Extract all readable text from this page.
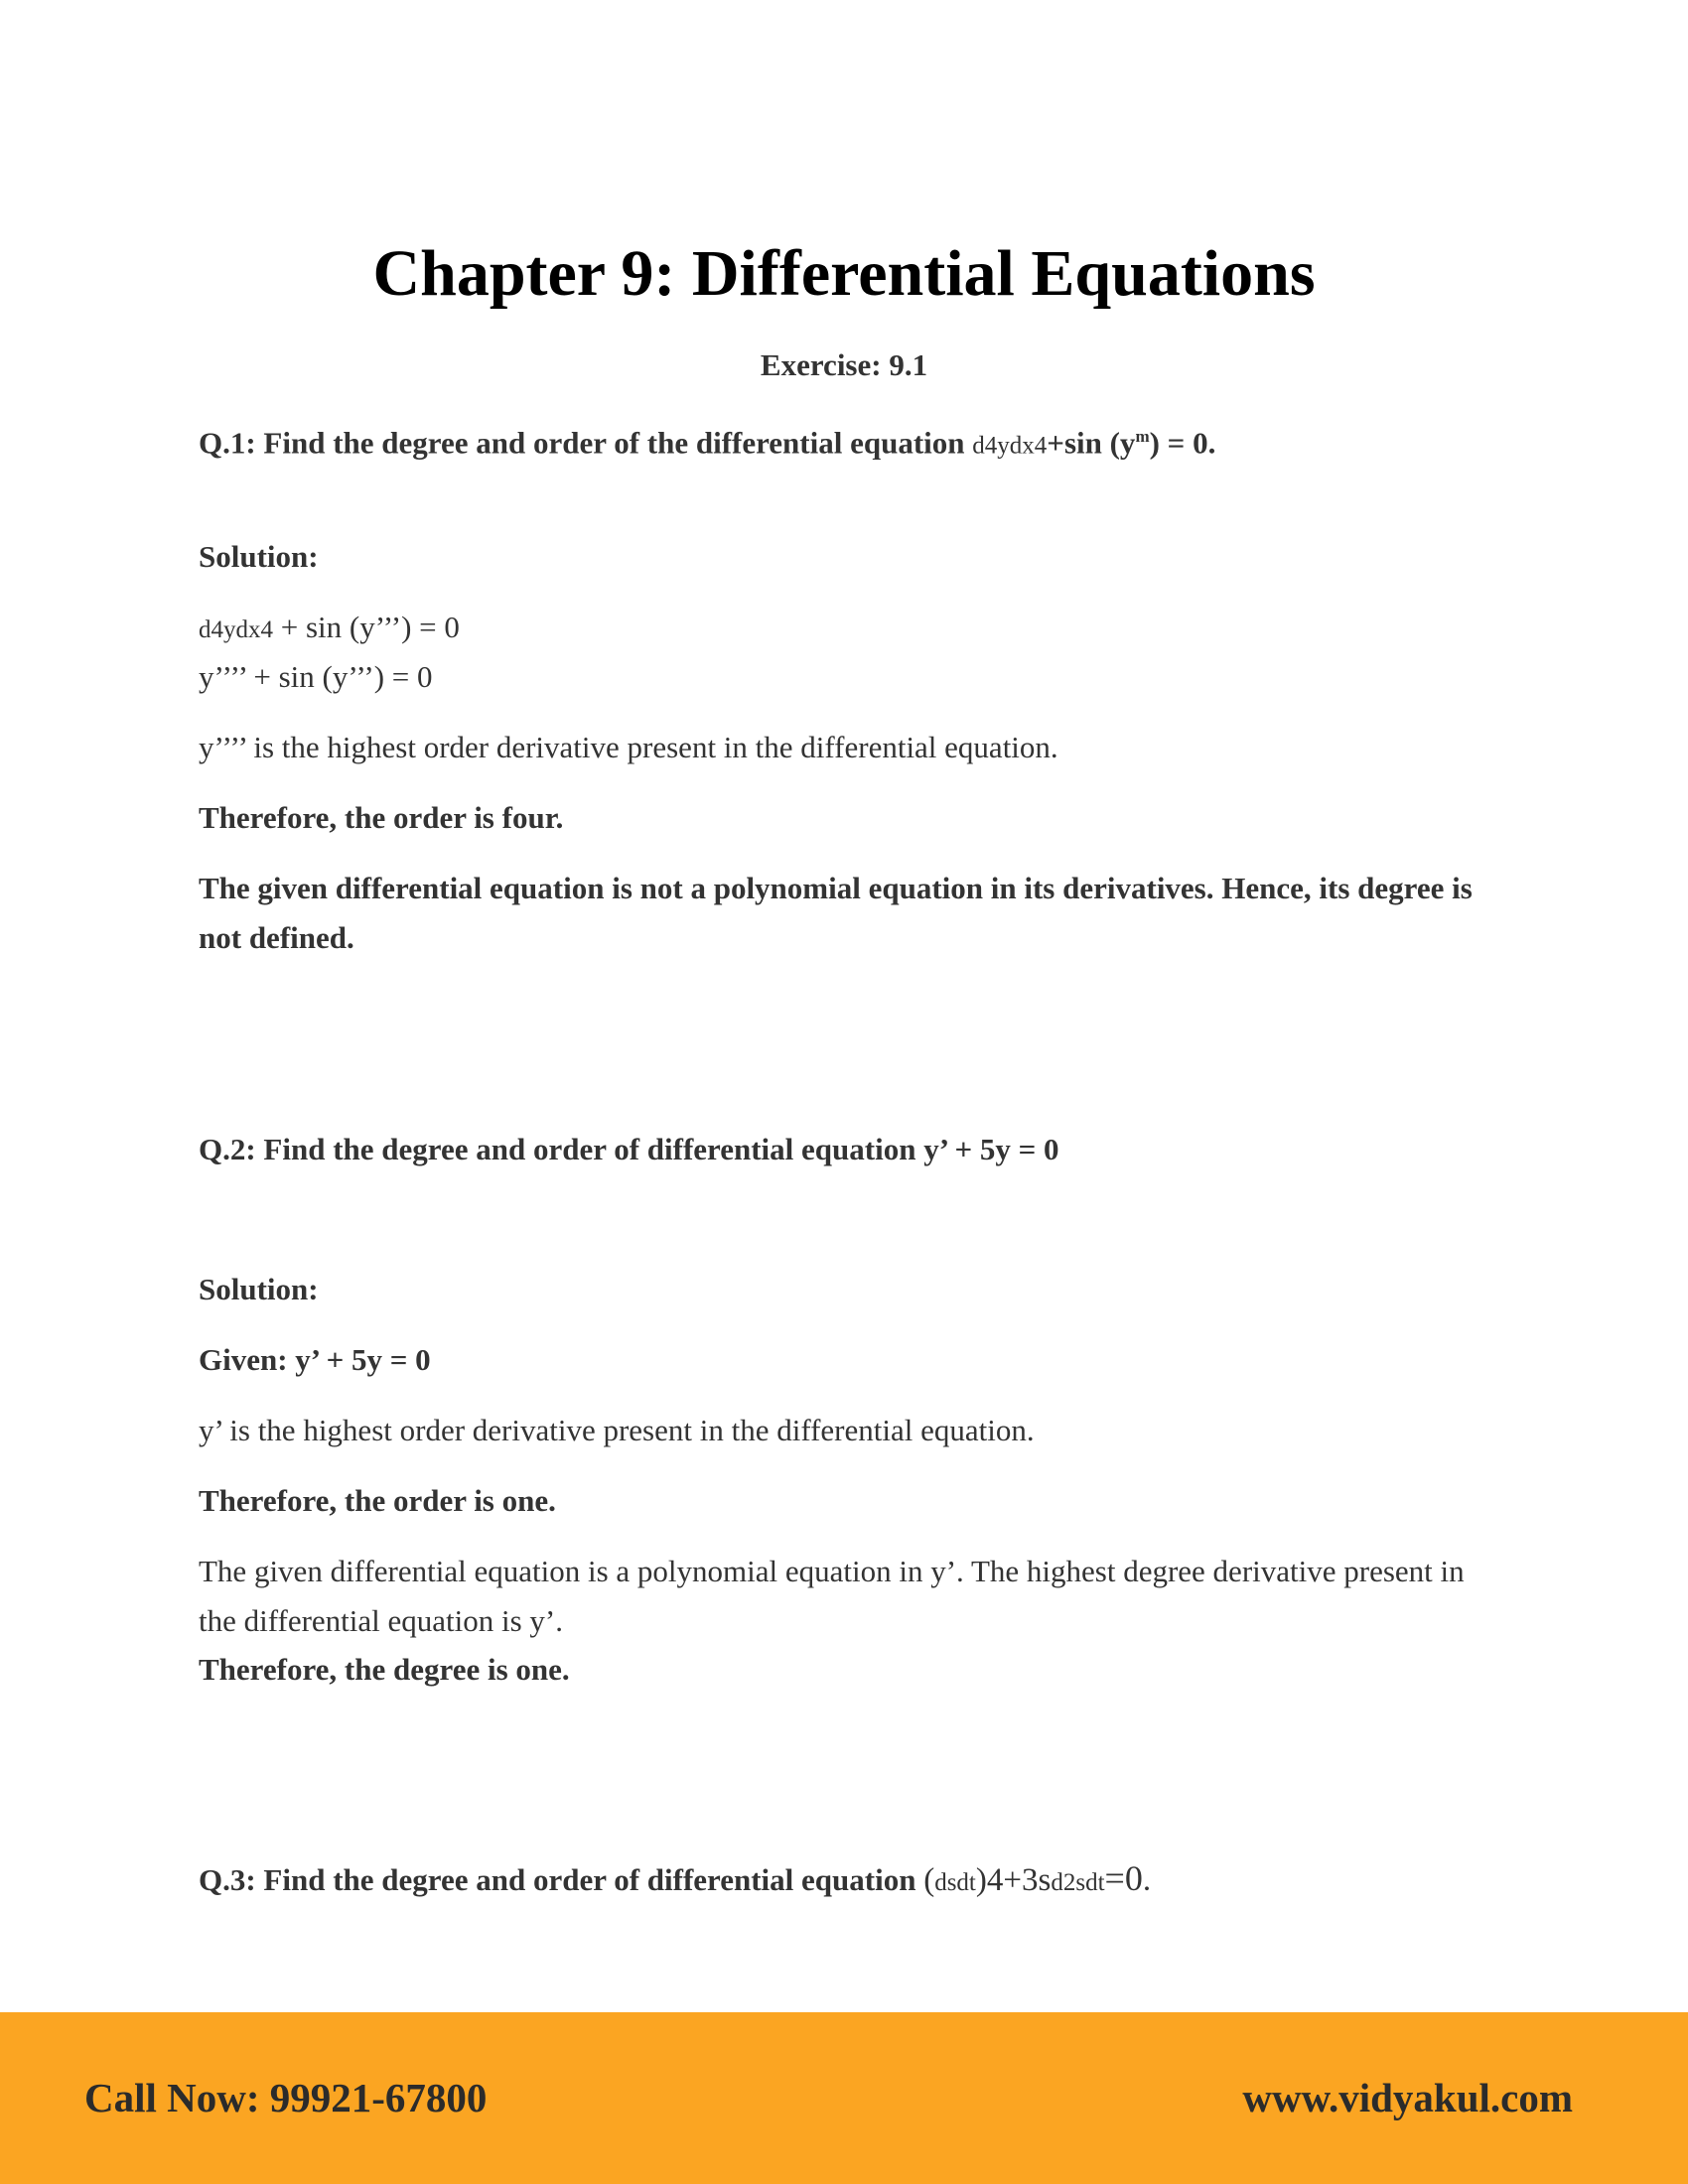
Chapter 9: Differential Equations
Exercise: 9.1
Q.1: Find the degree and order of the differential equation d4ydx4+sin $(y^m) = 0$.
Solution:
d4ydx4 + sin (y’’’) = 0
y’’’’ + sin (y’’’) = 0
y’’’’ is the highest order derivative present in the differential equation.
Therefore, the order is four.
The given differential equation is not a polynomial equation in its derivatives. Hence, its degree is not defined.
Q.2: Find the degree and order of differential equation y’ + 5y = 0
Solution:
Given: y’ + 5y = 0
y’ is the highest order derivative present in the differential equation.
Therefore, the order is one.
The given differential equation is a polynomial equation in y’. The highest degree derivative present in the differential equation is y’.
Therefore, the degree is one.
Q.3: Find the degree and order of differential equation (dsdt)4+3sd2sdt=0.
Call Now: 99921-67800	www.vidyakul.com
